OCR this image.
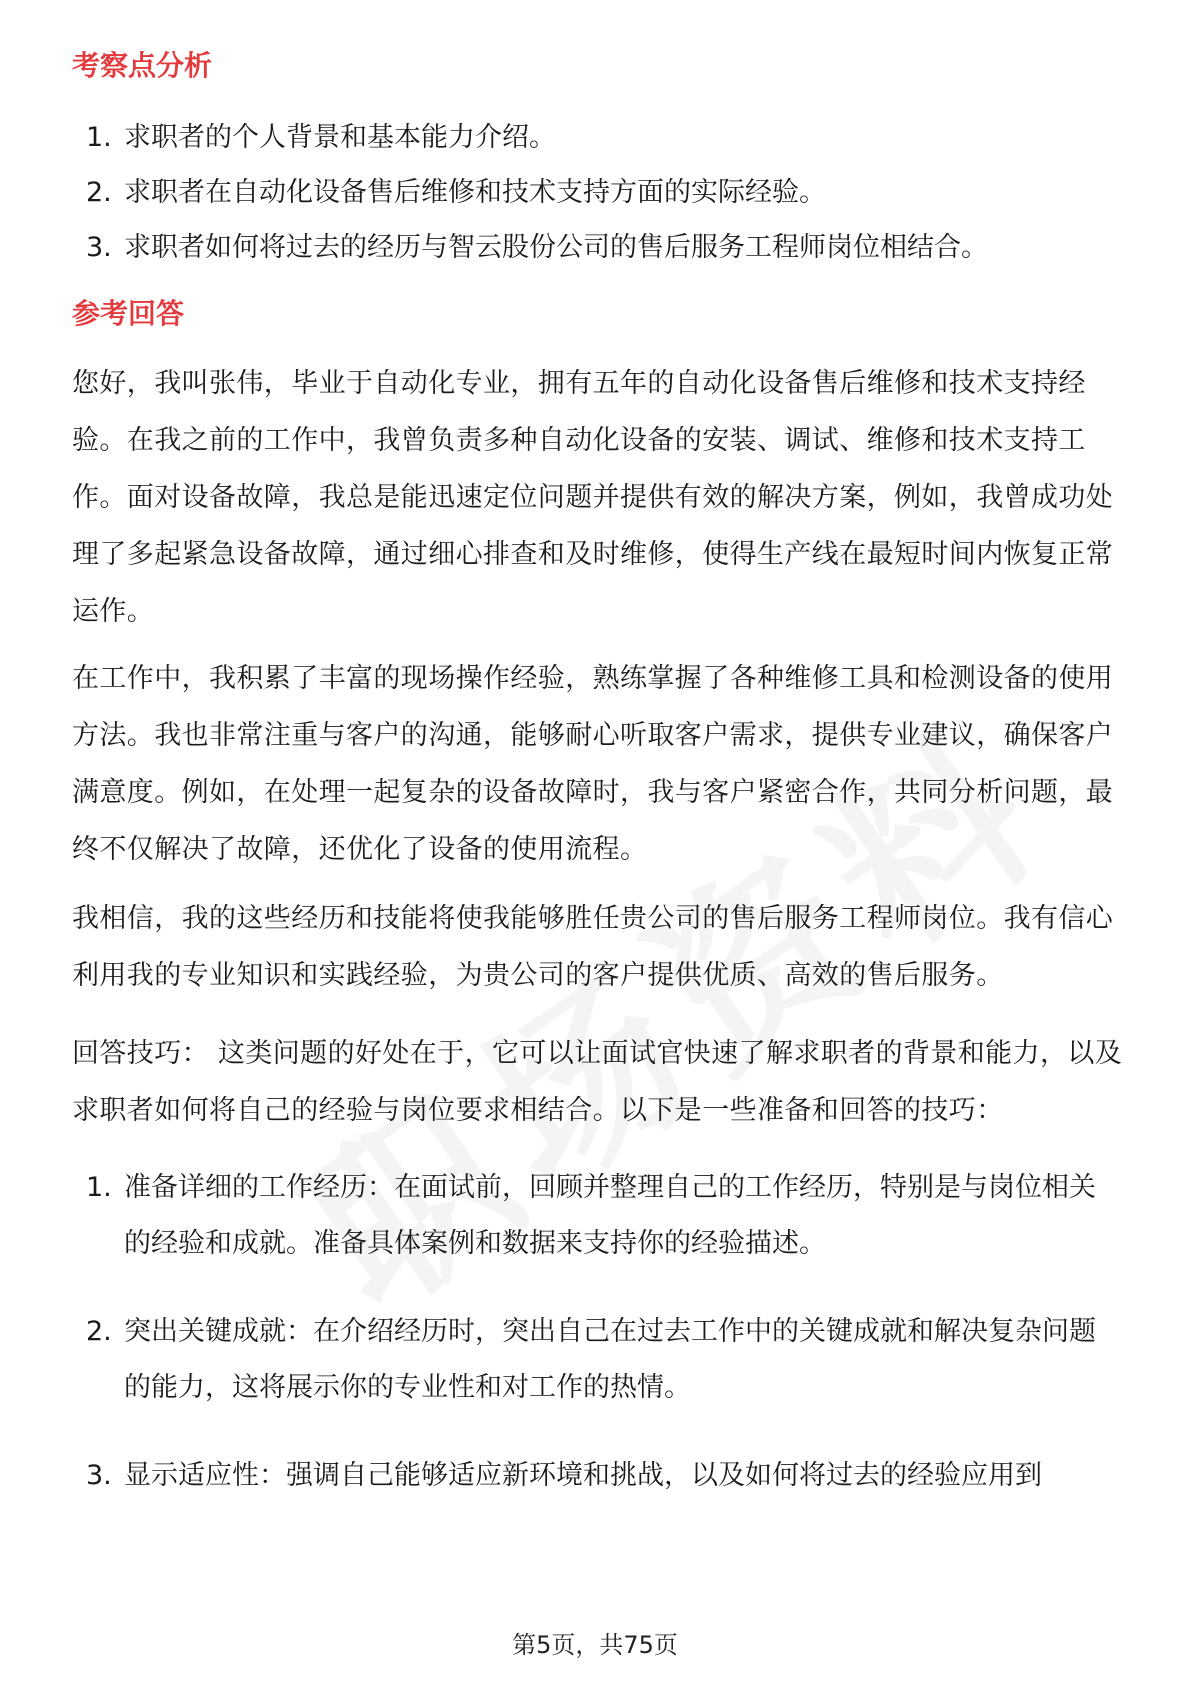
考察点分析
1. 求职者的个人背景和基本能力介绍。
2. 求职者在自动化设备售后维修和技术支持方面的实际经验。
3. 求职者如何将过去的经历与智云股份公司的售后服务工程师岗位相结合。
参考回答
您好，我叫张伟，毕业于自动化专业，拥有五年的自动化设备售后维修和技术支持经验。在我之前的工作中，我曾负责多种自动化设备的安装、调试、维修和技术支持工作。面对设备故障，我总是能迅速定位问题并提供有效的解决方案，例如，我曾成功处理了多起紧急设备故障，通过细心排查和及时维修，使得生产线在最短时间内恢复正常运作。
在工作中，我积累了丰富的现场操作经验，熟练掌握了各种维修工具和检测设备的使用方法。我也非常注重与客户的沟通，能够耐心听取客户需求，提供专业建议，确保客户满意度。例如，在处理一起复杂的设备故障时，我与客户紧密合作，共同分析问题，最终不仅解决了故障，还优化了设备的使用流程。
我相信，我的这些经历和技能将使我能够胜任贵公司的售后服务工程师岗位。我有信心利用我的专业知识和实践经验，为贵公司的客户提供优质、高效的售后服务。
回答技巧： 这类问题的好处在于，它可以让面试官快速了解求职者的背景和能力，以及求职者如何将自己的经验与岗位要求相结合。以下是一些准备和回答的技巧：
1. 准备详细的工作经历：在面试前，回顾并整理自己的工作经历，特别是与岗位相关的经验和成就。准备具体案例和数据来支持你的经验描述。
2. 突出关键成就：在介绍经历时，突出自己在过去工作中的关键成就和解决复杂问题的能力，这将展示你的专业性和对工作的热情。
3. 显示适应性：强调自己能够适应新环境和挑战，以及如何将过去的经验应用到
第5页，共75页
